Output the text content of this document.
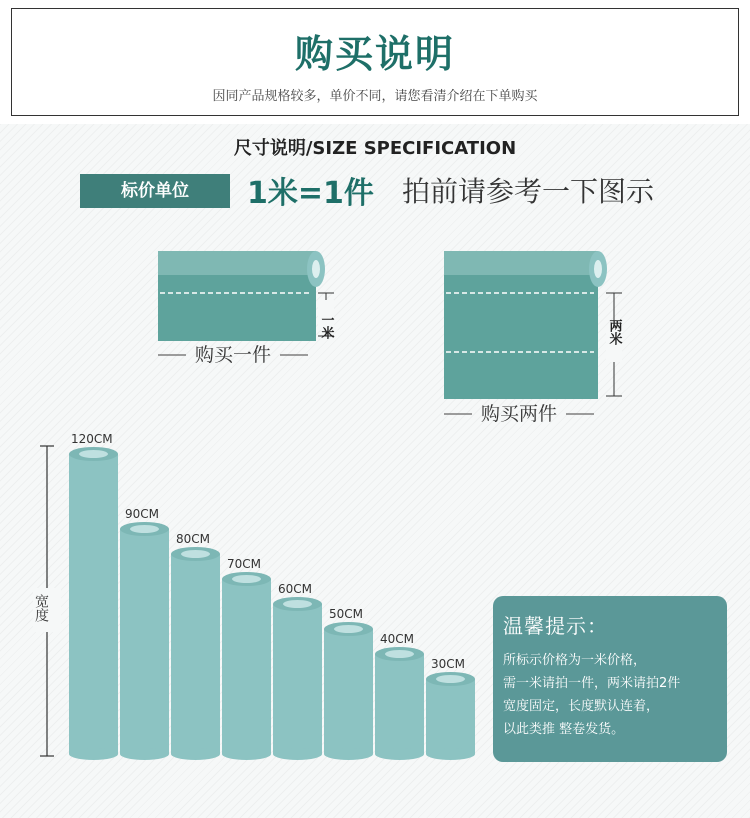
购买说明
因同产品规格较多，单价不同，请您看清介绍在下单购买
尺寸说明/SIZE SPECIFICATION
标价单位	1米=1件 拍前请参考一下图示
一米
购买一件
两米
购买两件
宽度
120CM
90CM
80CM
70CM
60CM
50CM
40CM
30CM
温馨提示：
所标示价格为一米价格，
需一米请拍一件，两米请拍2件
宽度固定，长度默认连着，
以此类推 整卷发货。
